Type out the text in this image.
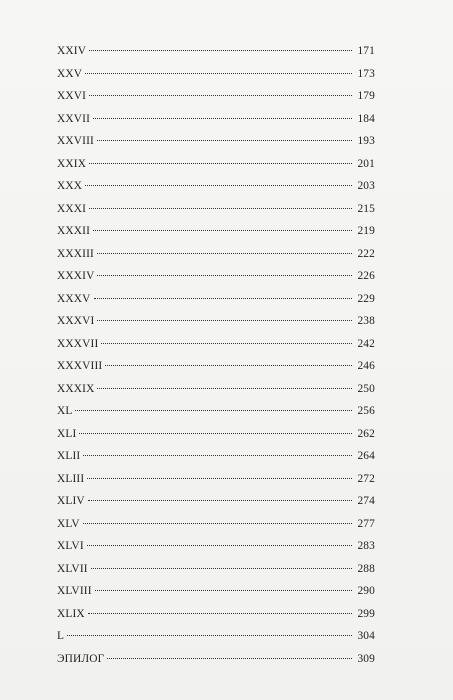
XXIV	171
XXV	173
XXVI	179
XXVII	184
XXVIII	193
XXIX	201
XXX	203
XXXI	215
XXXII	219
XXXIII	222
XXXIV	226
XXXV	229
XXXVI	238
XXXVII	242
XXXVIII	246
XXXIX	250
XL	256
XLI	262
XLII	264
XLIII	272
XLIV	274
XLV	277
XLVI	283
XLVII	288
XLVIII	290
XLIX	299
L	304
ЭПИЛОГ	309
